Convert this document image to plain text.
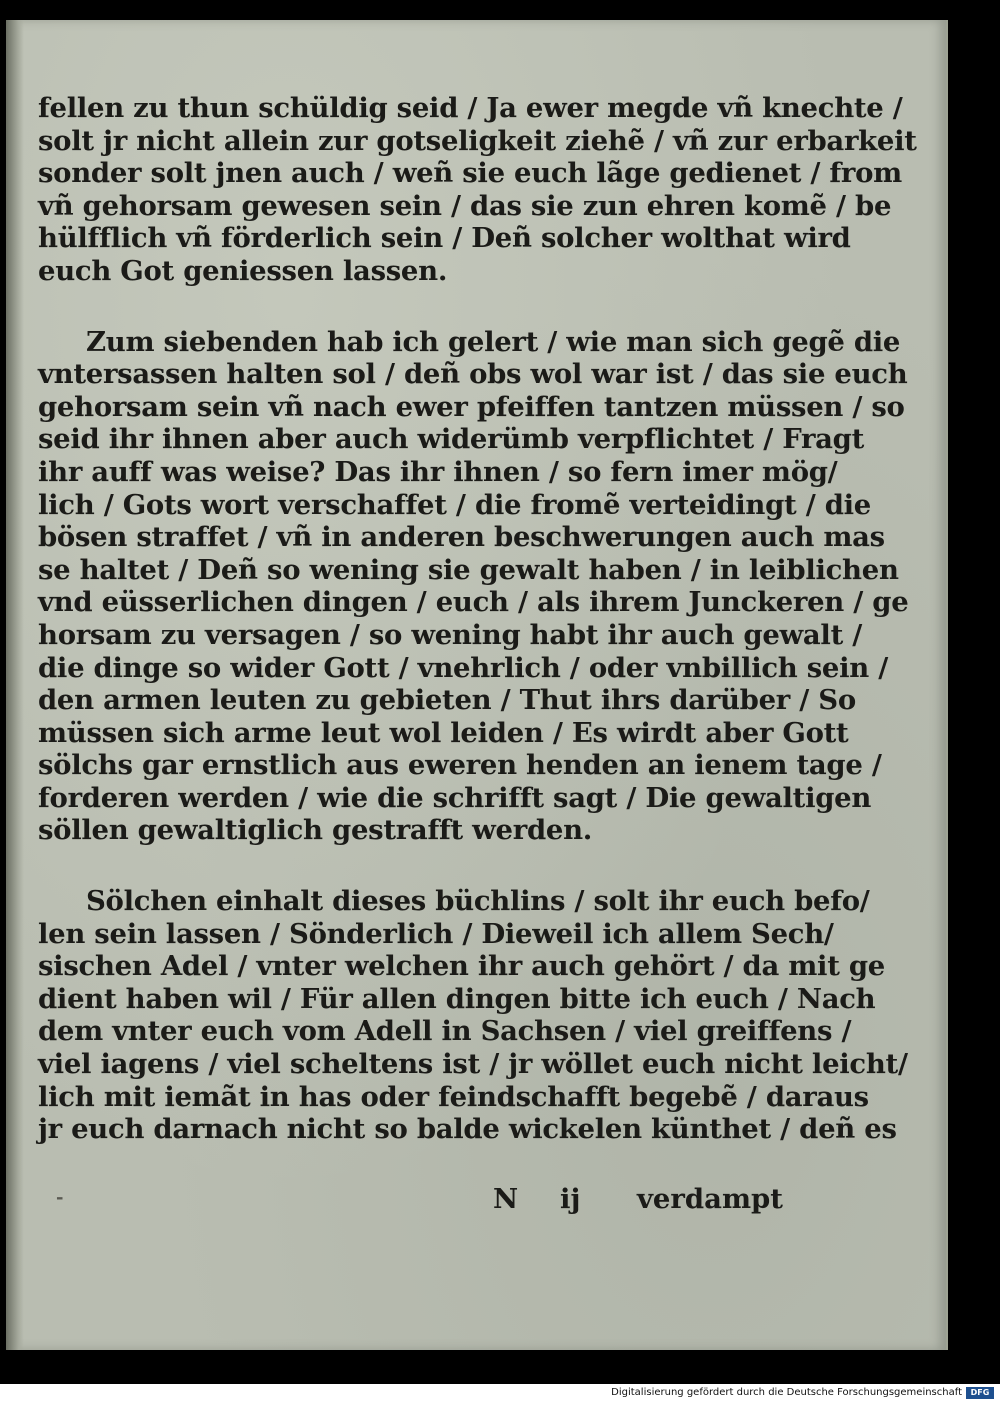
fellen zu thun schüldig seid / Ja ewer megde vñ knechte /
solt jr nicht allein zur gotseligkeit ziehẽ / vñ zur erbarkeit
sonder solt jnen auch / weñ sie euch lãge gedienet / from
vñ gehorsam gewesen sein / das sie zun ehren komẽ / be
hülfflich vñ förderlich sein / Deñ solcher wolthat wird
euch Got geniessen lassen.
Zum siebenden hab ich gelert / wie man sich gegẽ die
vntersassen halten sol / deñ obs wol war ist / das sie euch
gehorsam sein vñ nach ewer pfeiffen tantzen müssen / so
seid ihr ihnen aber auch widerümb verpflichtet / Fragt
ihr auff was weise? Das ihr ihnen / so fern imer mög/
lich / Gots wort verschaffet / die fromẽ verteidingt / die
bösen straffet / vñ in anderen beschwerungen auch mas
se haltet / Deñ so wening sie gewalt haben / in leiblichen
vnd eüsserlichen dingen / euch / als ihrem Junckeren / ge
horsam zu versagen / so wening habt ihr auch gewalt /
die dinge so wider Gott / vnehrlich / oder vnbillich sein /
den armen leuten zu gebieten / Thut ihrs darüber / So
müssen sich arme leut wol leiden / Es wirdt aber Gott
sölchs gar ernstlich aus eweren henden an ienem tage /
forderen werden / wie die schrifft sagt / Die gewaltigen
söllen gewaltiglich gestrafft werden.
Sölchen einhalt dieses büchlins / solt ihr euch befo/
len sein lassen / Sönderlich / Dieweil ich allem Sech/
sischen Adel / vnter welchen ihr auch gehört / da mit ge
dient haben wil / Für allen dingen bitte ich euch / Nach
dem vnter euch vom Adell in Sachsen / viel greiffens /
viel iagens / viel scheltens ist / jr wöllet euch nicht leicht/
lich mit iemãt in has oder feindschafft begebẽ / daraus
jr euch darnach nicht so balde wickelen künthet / deñ es
-	N ij verdampt
Digitalisierung gefördert durch die Deutsche Forschungsgemeinschaft	DFG
